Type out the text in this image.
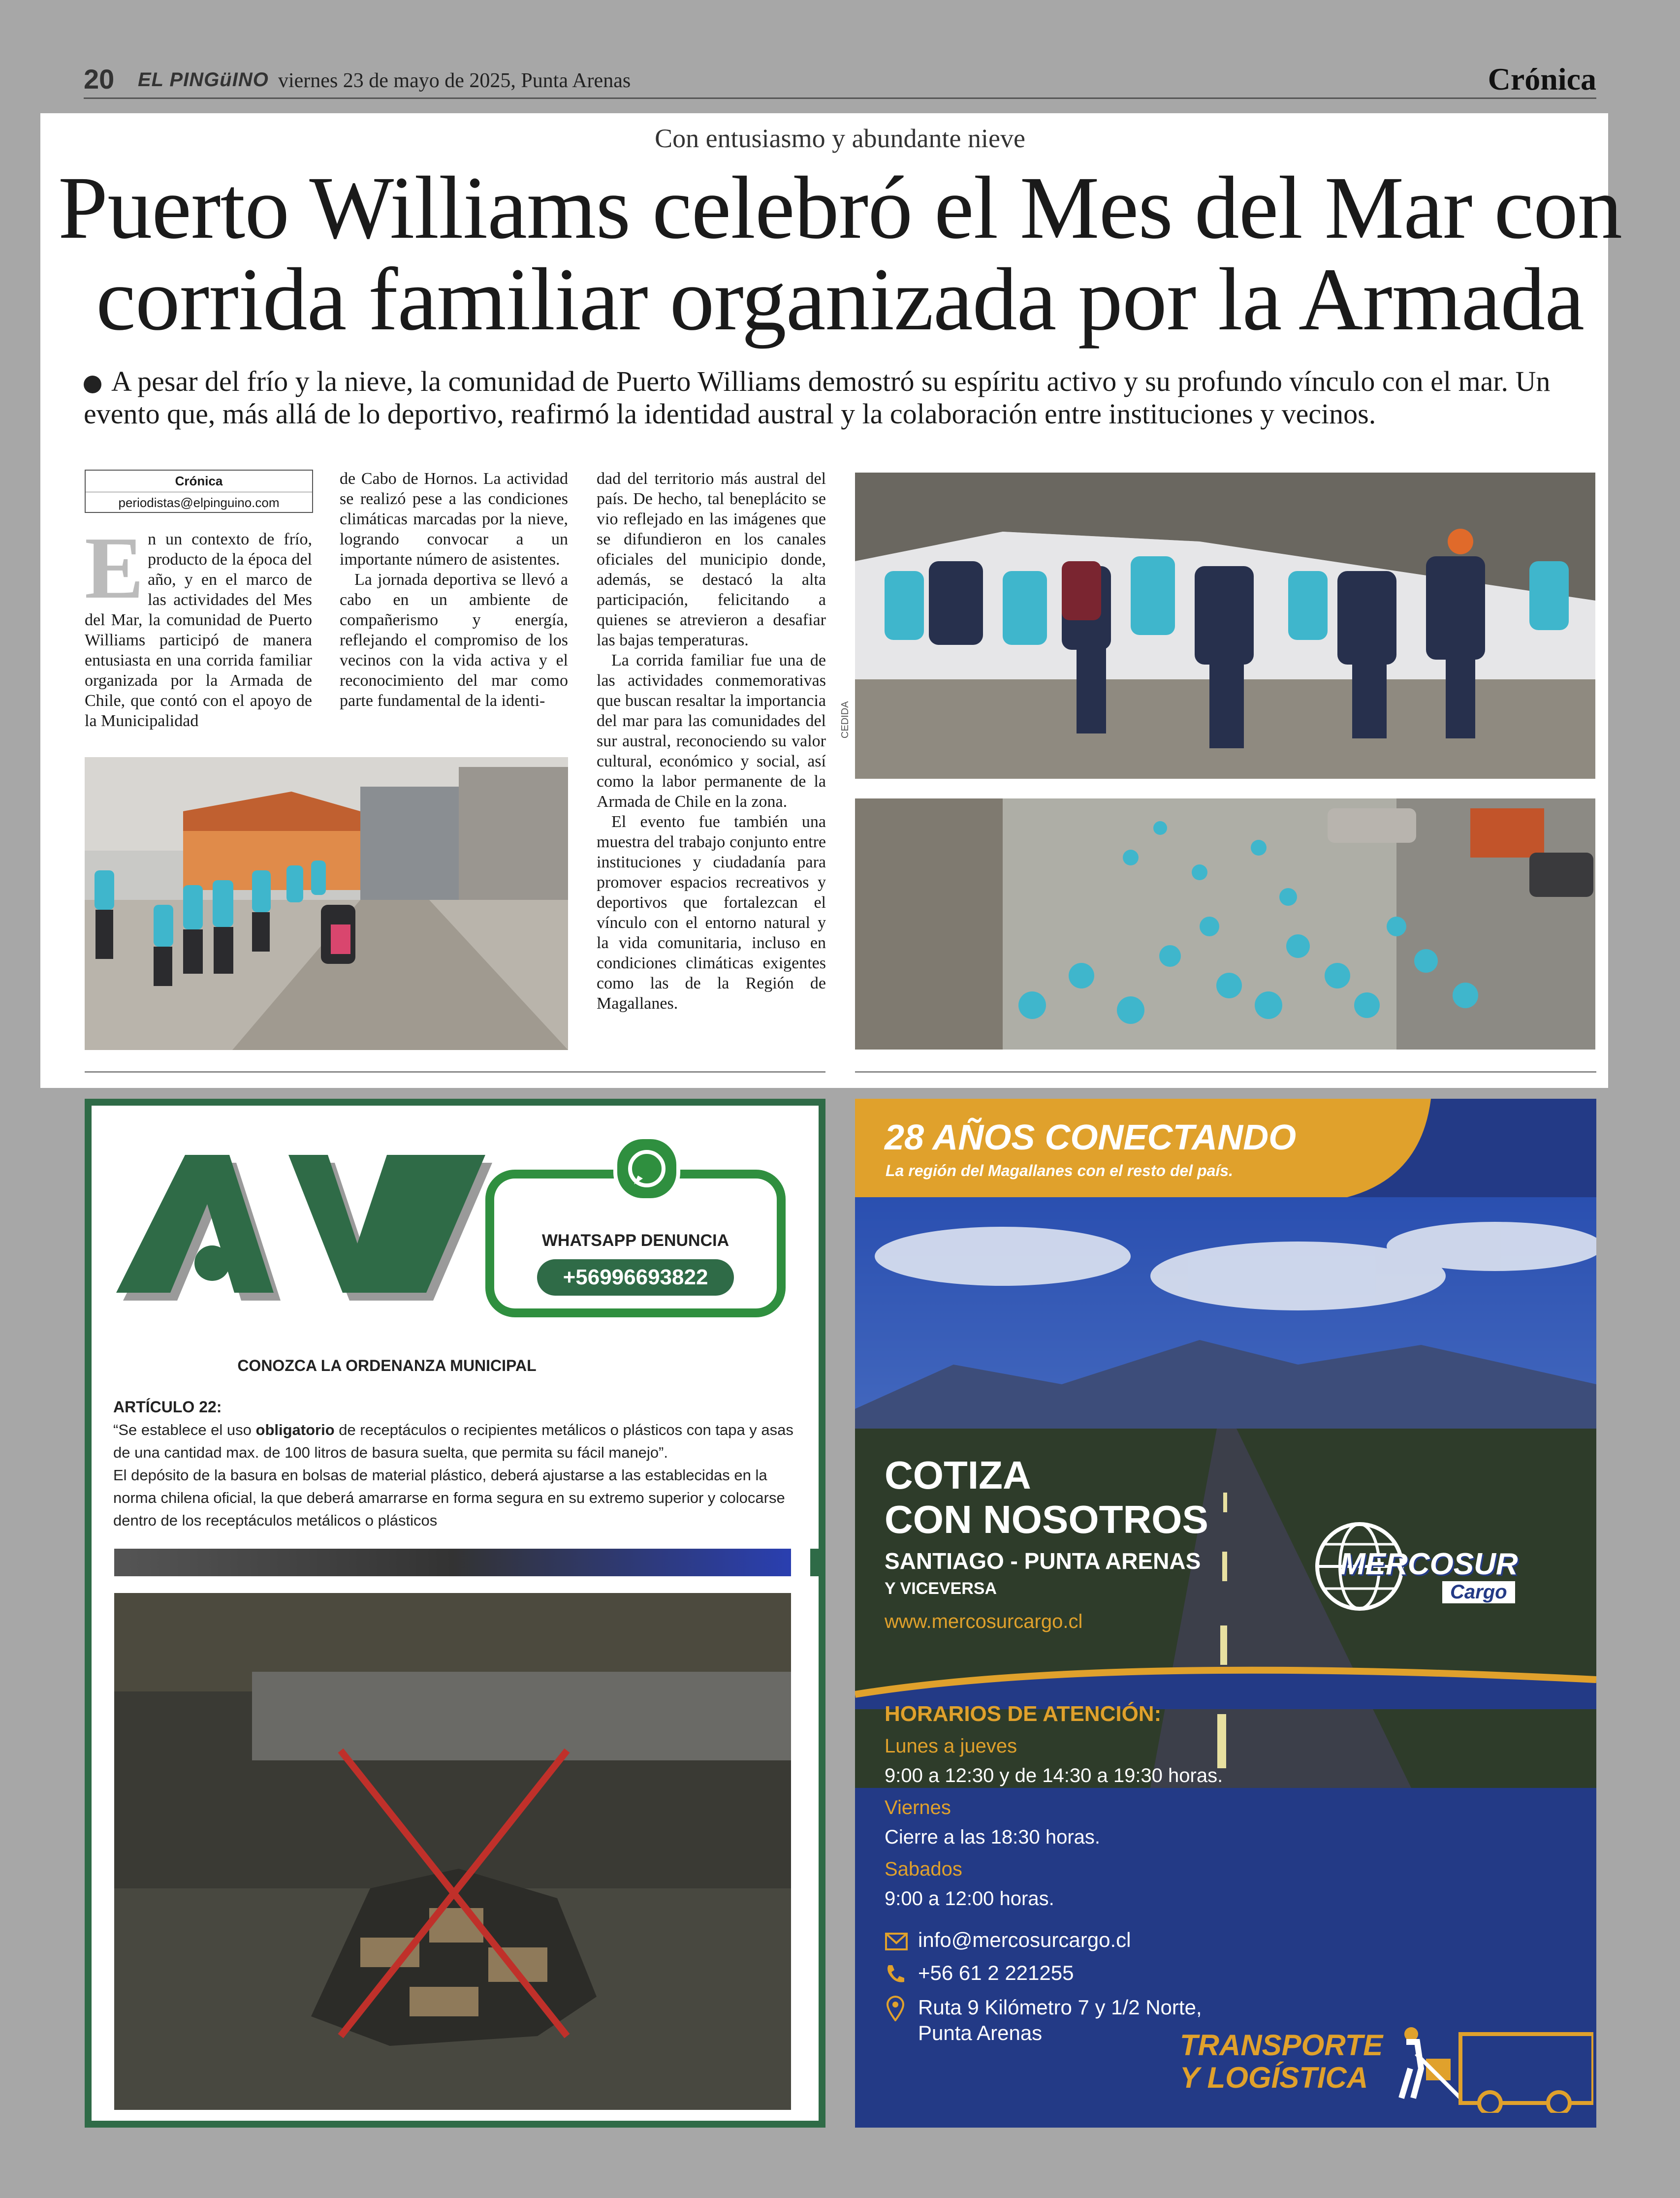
20 EL PINGüINO viernes 23 de mayo de 2025, Punta Arenas	Crónica
Con entusiasmo y abundante nieve
Puerto Williams celebró el Mes del Mar con
corrida familiar organizada por la Armada
A pesar del frío y la nieve, la comunidad de Puerto Williams demostró su espíritu activo y su profundo vínculo con el mar. Un evento que, más allá de lo deportivo, reafirmó la identidad austral y la colaboración entre instituciones y vecinos.
Crónica
periodistas@elpinguino.com

En un contexto de frío, producto de la época del año, y en el marco de las actividades del Mes del Mar, la comunidad de Puerto Williams participó de manera entusiasta en una corrida familiar organizada por la Armada de Chile, que contó con el apoyo de la Municipalidad

de Cabo de Hornos. La actividad se realizó pese a las condiciones climáticas marcadas por la nieve, logrando convocar a un importante número de asistentes.

La jornada deportiva se llevó a cabo en un ambiente de compañerismo y energía, reflejando el compromiso de los vecinos con la vida activa y el reconocimiento del mar como parte fundamental de la identi-

dad del territorio más austral del país. De hecho, tal beneplácito se vio reflejado en las imágenes que se difundieron en los canales oficiales del municipio donde, además, se destacó la alta participación, felicitando a quienes se atrevieron a desafiar las bajas temperaturas.

La corrida familiar fue una de las actividades conmemorativas que buscan resaltar la importancia del mar para las comunidades del sur austral, reconociendo su valor cultural, económico y social, así como la labor permanente de la Armada de Chile en la zona.

El evento fue también una muestra del trabajo conjunto entre instituciones y ciudadanía para promover espacios recreativos y deportivos que fortalezcan el vínculo con el entorno natural y la vida comunitaria, incluso en condiciones climáticas exigentes como las de la Región de Magallanes.

CEDIDA
WHATSAPP DENUNCIA
+56996693822
CONOZCA LA ORDENANZA MUNICIPAL
ARTÍCULO 22:
“Se establece el uso obligatorio de receptáculos o recipientes metálicos o plásticos con tapa y asas de una cantidad max. de 100 litros de basura suelta, que permita su fácil manejo”.
El depósito de la basura en bolsas de material plástico, deberá ajustarse a las establecidas en la norma chilena oficial, la que deberá amarrarse en forma segura en su extremo superior y colocarse dentro de los receptáculos metálicos o plásticos
28 AÑOS CONECTANDO
La región del Magallanes con el resto del país.
COTIZA
CON NOSOTROS
SANTIAGO - PUNTA ARENAS
Y VICEVERSA
www.mercosurcargo.cl
MERCOSUR
Cargo
HORARIOS DE ATENCIÓN:
Lunes a jueves
9:00 a 12:30 y de 14:30 a 19:30 horas.
Viernes
Cierre a las 18:30 horas.
Sabados
9:00 a 12:00 horas.
info@mercosurcargo.cl
+56 61 2 221255
Ruta 9 Kilómetro 7 y 1/2 Norte,
Punta Arenas	TRANSPORTE
Y LOGÍSTICA
